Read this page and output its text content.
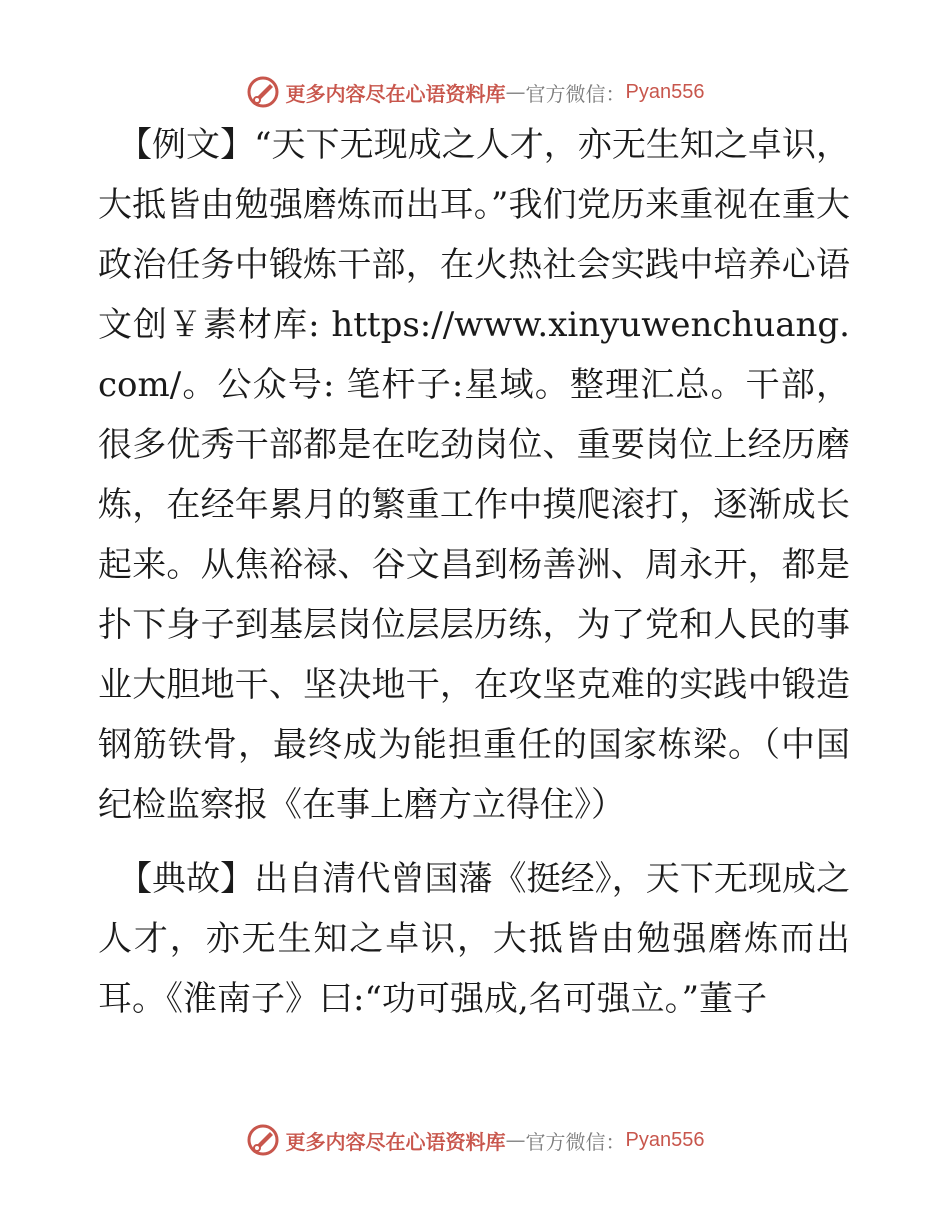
更多内容尽在心语资料库 — 官方微信： Pyan556

【例文】“天下无现成之人才，亦无生知之卓识，大抵皆由勉强磨炼而出耳。”我们党历来重视在重大政治任务中锻炼干部，在火热社会实践中培养心语文创￥素材库: https://www.xinyuwenchuang.com/。公众号: 笔杆子:星域。整理汇总。干部，很多优秀干部都是在吃劲岗位、重要岗位上经历磨炼，在经年累月的繁重工作中摸爬滚打，逐渐成长起来。从焦裕禄、谷文昌到杨善洲、周永开，都是扑下身子到基层岗位层层历练，为了党和人民的事业大胆地干、坚决地干，在攻坚克难的实践中锻造钢筋铁骨，最终成为能担重任的国家栋梁。（中国纪检监察报《在事上磨方立得住》）

【典故】出自清代曾国藩《挺经》，天下无现成之人才，亦无生知之卓识，大抵皆由勉强磨炼而出耳。《淮南子》曰:“功可强成,名可强立。”董子

更多内容尽在心语资料库 — 官方微信： Pyan556
